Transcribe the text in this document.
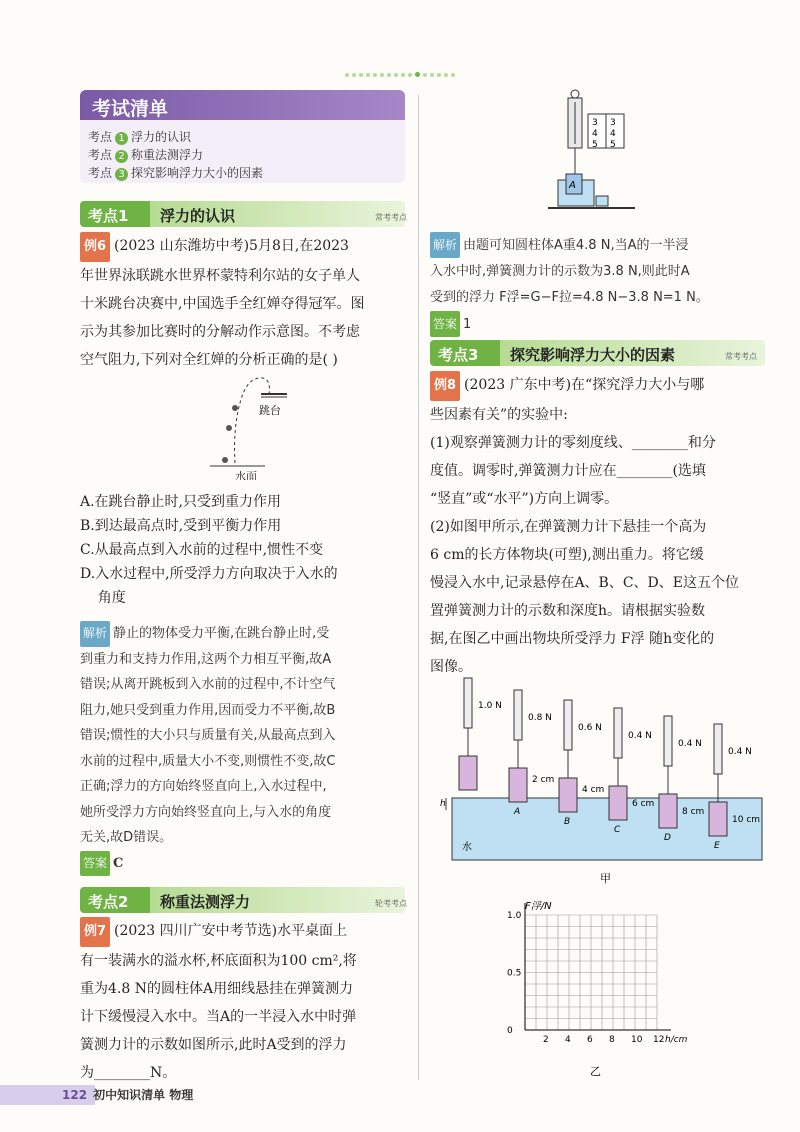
考试清单
考点 1 浮力的认识
考点 2 称重法测浮力
考点 3 探究影响浮力大小的因素
考点1 浮力的认识	常考考点
例6 (2023 山东潍坊中考)5月8日,在2023
年世界泳联跳水世界杯蒙特利尔站的女子单人
十米跳台决赛中,中国选手全红婵夺得冠军。图
示为其参加比赛时的分解动作示意图。不考虑
空气阻力,下列对全红婵的分析正确的是( )
跳台
水面
A.在跳台静止时,只受到重力作用
B.到达最高点时,受到平衡力作用
C.从最高点到入水前的过程中,惯性不变
D.入水过程中,所受浮力方向取决于入水的
角度
解析 静止的物体受力平衡,在跳台静止时,受
到重力和支持力作用,这两个力相互平衡,故A
错误;从离开跳板到入水前的过程中,不计空气
阻力,她只受到重力作用,因而受力不平衡,故B
错误;惯性的大小只与质量有关,从最高点到入
水前的过程中,质量大小不变,则惯性不变,故C
正确;浮力的方向始终竖直向上,入水过程中,
她所受浮力方向始终竖直向上,与入水的角度
无关,故D错误。
答案 C
考点2 称重法测浮力	轮考考点
例7 (2023 四川广安中考节选)水平桌面上
有一装满水的溢水杯,杯底面积为100 cm²,将
重为4.8 N的圆柱体A用细线悬挂在弹簧测力
计下缓慢浸入水中。当A的一半浸入水中时弹
簧测力计的示数如图所示,此时A受到的浮力
为________N。
3
4
5
3
4
5
A
解析 由题可知圆柱体A重4.8 N,当A的一半浸
入水中时,弹簧测力计的示数为3.8 N,则此时A
受到的浮力 F浮=G−F拉=4.8 N−3.8 N=1 N。
答案 1
考点3 探究影响浮力大小的因素	常考考点
例8 (2023 广东中考)在“探究浮力大小与哪
些因素有关”的实验中:
(1)观察弹簧测力计的零刻度线、________和分
度值。调零时,弹簧测力计应在________(选填
“竖直”或“水平”)方向上调零。
(2)如图甲所示,在弹簧测力计下悬挂一个高为
6 cm的长方体物块(可塑),测出重力。将它缓
慢浸入水中,记录悬停在A、B、C、D、E这五个位
置弹簧测力计的示数和深度h。请根据实验数
据,在图乙中画出物块所受浮力 F浮 随h变化的
图像。
h
水
1.0 N
0.8 N
2 cm
A
0.6 N
4 cm
B
0.4 N
6 cm
C
0.4 N
8 cm
D
0.4 N
10 cm
E
甲
1.0
0.5
0
2 4 6 8 10 12
F浮/N
h/cm
乙
122 初中知识清单 物理
